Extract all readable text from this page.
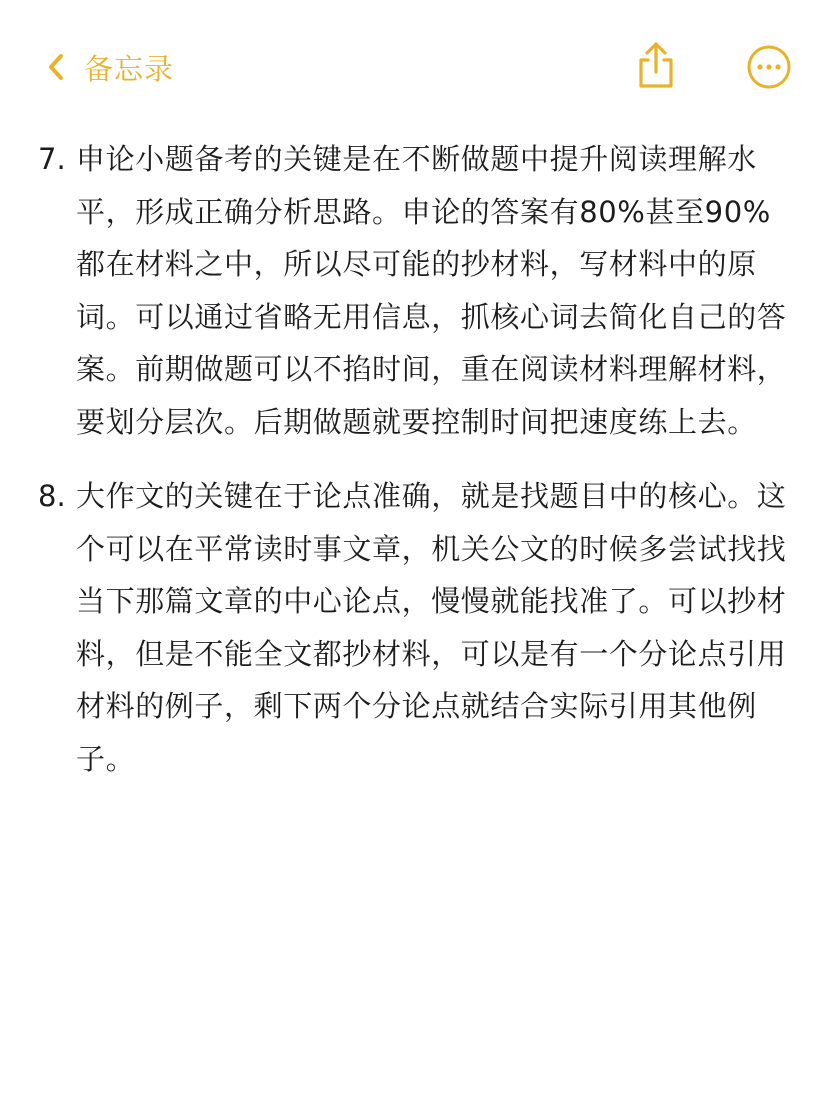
备忘录
7. 申论小题备考的关键是在不断做题中提升阅读理解水平，形成正确分析思路。申论的答案有80%甚至90%都在材料之中，所以尽可能的抄材料，写材料中的原词。可以通过省略无用信息，抓核心词去简化自己的答案。前期做题可以不掐时间，重在阅读材料理解材料，要划分层次。后期做题就要控制时间把速度练上去。
8. 大作文的关键在于论点准确，就是找题目中的核心。这个可以在平常读时事文章，机关公文的时候多尝试找找当下那篇文章的中心论点，慢慢就能找准了。可以抄材料，但是不能全文都抄材料，可以是有一个分论点引用材料的例子，剩下两个分论点就结合实际引用其他例子。
